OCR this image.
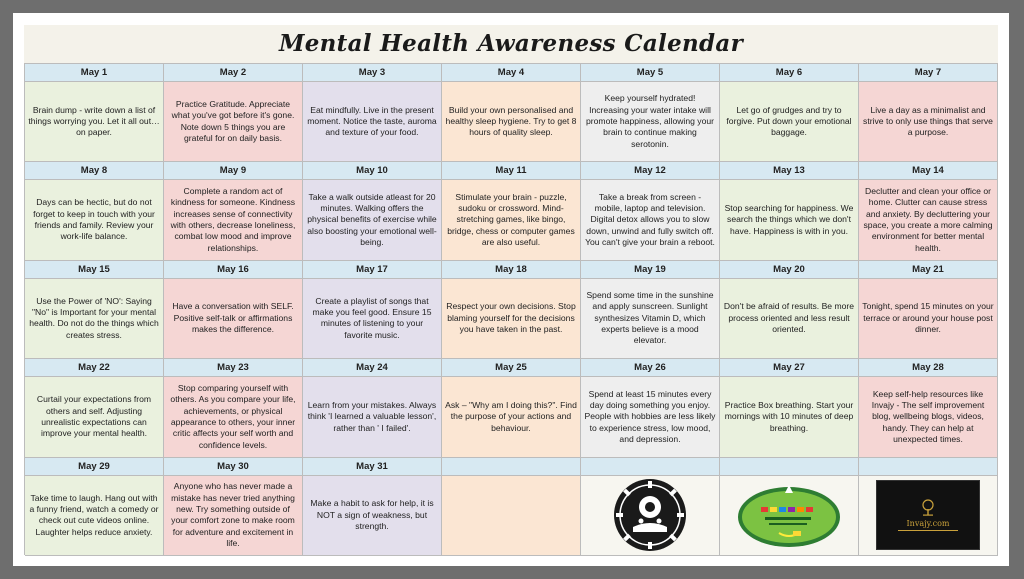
Mental Health Awareness Calendar
May 1
Brain dump - write down a list of things worrying you. Let it all out…on paper.
May 2
Practice Gratitude. Appreciate what you've got before it's gone. Note down 5 things you are grateful for on daily basis.
May 3
Eat mindfully. Live in the present moment. Notice the taste, auroma and texture of your food.
May 4
Build your own personalised and healthy sleep hygiene. Try to get 8 hours of quality sleep.
May 5
Keep yourself hydrated! Increasing your water intake will promote happiness, allowing your brain to continue making serotonin.
May 6
Let go of grudges and try to forgive. Put down your emotional baggage.
May 7
Live a day as a minimalist and strive to only use things that serve a purpose.
May 8
Days can be hectic, but do not forget to keep in touch with your friends and family. Review your work-life balance.
May 9
Complete a random act of kindness for someone. Kindness increases sense of connectivity with others, decrease loneliness, combat low mood and improve relationships.
May 10
Take a walk outside atleast for 20 minutes. Walking offers the physical benefits of exercise while also boosting your emotional well-being.
May 11
Stimulate your brain - puzzle, sudoku or crossword. Mind-stretching games, like bingo, bridge, chess or computer games are also useful.
May 12
Take a break from screen - mobile, laptop and television. Digital detox allows you to slow down, unwind and fully switch off. You can't give your brain a reboot.
May 13
Stop searching for happiness. We search the things which we don't have. Happiness is with in you.
May 14
Declutter and clean your office or home. Clutter can cause stress and anxiety. By decluttering your space, you create a more calming environment for better mental health.
May 15
Use the Power of 'NO': Saying "No" is Important for your mental health. Do not do the things which creates stress.
May 16
Have a conversation with SELF. Positive self-talk or affirmations makes the difference.
May 17
Create a playlist of songs that make you feel good. Ensure 15 minutes of listening to your favorite music.
May 18
Respect your own decisions. Stop blaming yourself for the decisions you have taken in the past.
May 19
Spend some time in the sunshine and apply sunscreen. Sunlight synthesizes Vitamin D, which experts believe is a mood elevator.
May 20
Don't be afraid of results. Be more process oriented and less result oriented.
May 21
Tonight, spend 15 minutes on your terrace or around your house post dinner.
May 22
Curtail your expectations from others and self. Adjusting unrealistic expectations can improve your mental health.
May 23
Stop comparing yourself with others. As you compare your life, achievements, or physical appearance to others, your inner critic affects your self worth and confidence levels.
May 24
Learn from your mistakes. Always think 'I learned a valuable lesson', rather than ' I failed'.
May 25
Ask – "Why am I doing this?". Find the purpose of your actions and behaviour.
May 26
Spend at least 15 minutes every day doing something you enjoy. People with hobbies are less likely to experience stress, low mood, and depression.
May 27
Practice Box breathing. Start your mornings with 10 minutes of deep breathing.
May 28
Keep self-help resources like Invajy - The self improvement blog, wellbeing blogs, videos, handy. They can help at unexpected times.
May 29
Take time to laugh. Hang out with a funny friend, watch a comedy or check out cute videos online. Laughter helps reduce anxiety.
May 30
Anyone who has never made a mistake has never tried anything new. Try something outside of your comfort zone to make room for adventure and excitement in life.
May 31
Make a habit to ask for help, it is NOT a sign of weakness, but strength.	Invajy.com
